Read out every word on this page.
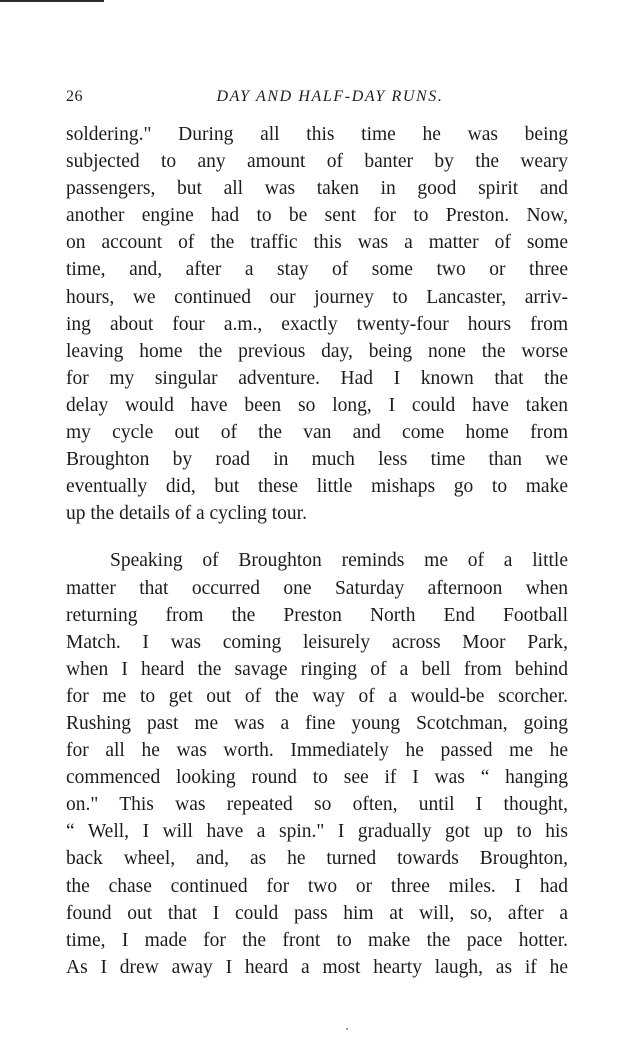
26	DAY AND HALF-DAY RUNS.
soldering." During all this time he was being
subjected to any amount of banter by the weary
passengers, but all was taken in good spirit and
another engine had to be sent for to Preston. Now,
on account of the traffic this was a matter of some
time, and, after a stay of some two or three
hours, we continued our journey to Lancaster, arriv-
ing about four a.m., exactly twenty-four hours from
leaving home the previous day, being none the worse
for my singular adventure. Had I known that the
delay would have been so long, I could have taken
my cycle out of the van and come home from
Broughton by road in much less time than we
eventually did, but these little mishaps go to make
up the details of a cycling tour.
Speaking of Broughton reminds me of a little
matter that occurred one Saturday afternoon when
returning from the Preston North End Football
Match. I was coming leisurely across Moor Park,
when I heard the savage ringing of a bell from behind
for me to get out of the way of a would-be scorcher.
Rushing past me was a fine young Scotchman, going
for all he was worth. Immediately he passed me he
commenced looking round to see if I was “ hanging
on." This was repeated so often, until I thought,
“ Well, I will have a spin." I gradually got up to his
back wheel, and, as he turned towards Broughton,
the chase continued for two or three miles. I had
found out that I could pass him at will, so, after a
time, I made for the front to make the pace hotter.
As I drew away I heard a most hearty laugh, as if he
